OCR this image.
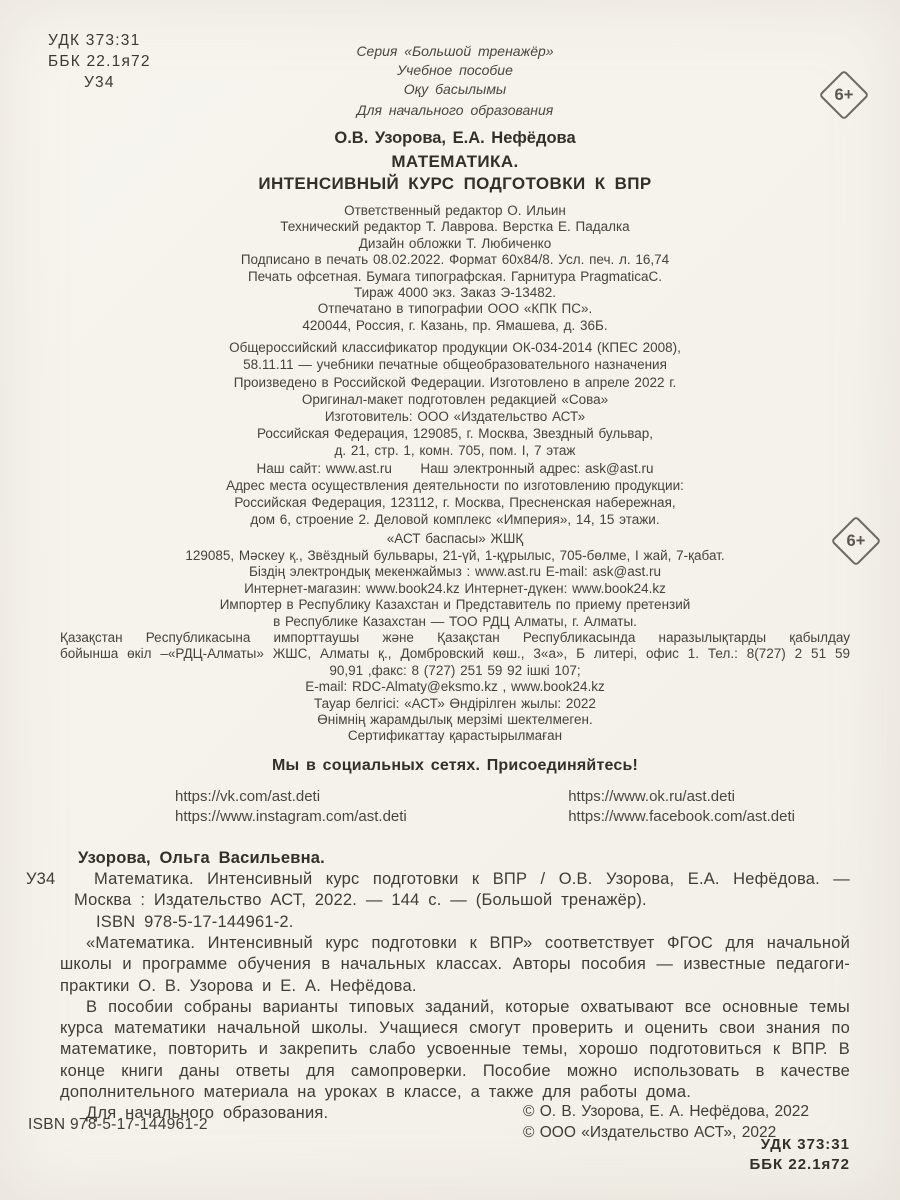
УДК 373:31
ББК 22.1я72
У34
6+
6+
Серия «Большой тренажёр»
Учебное пособие
Оқу басылымы
Для начального образования
О.В. Узорова, Е.А. Нефёдова
МАТЕМАТИКА.
ИНТЕНСИВНЫЙ КУРС ПОДГОТОВКИ К ВПР
Ответственный редактор О. Ильин
Технический редактор Т. Лаврова. Верстка Е. Падалка
Дизайн обложки Т. Любиченко
Подписано в печать 08.02.2022. Формат 60х84/8. Усл. печ. л. 16,74
Печать офсетная. Бумага типографская. Гарнитура PragmaticaC.
Тираж 4000 экз. Заказ Э-13482.
Отпечатано в типографии ООО «КПК ПС».
420044, Россия, г. Казань, пр. Ямашева, д. 36Б.
Общероссийский классификатор продукции ОК-034-2014 (КПЕС 2008),
58.11.11 — учебники печатные общеобразовательного назначения
Произведено в Российской Федерации. Изготовлено в апреле 2022 г.
Оригинал-макет подготовлен редакцией «Сова»
Изготовитель: ООО «Издательство АСТ»
Российская Федерация, 129085, г. Москва, Звездный бульвар,
д. 21, стр. 1, комн. 705, пом. I, 7 этаж
Наш сайт: www.ast.ru      Наш электронный адрес: ask@ast.ru
Адрес места осуществления деятельности по изготовлению продукции:
Российская Федерация, 123112, г. Москва, Пресненская набережная,
дом 6, строение 2. Деловой комплекс «Империя», 14, 15 этажи.
«АСТ баспасы» ЖШҚ
129085, Мәскеу қ., Звёздный бульвары, 21-үй, 1-құрылыс, 705-бөлме, I жай, 7-қабат.
Біздің электрондық мекенжаймыз : www.ast.ru E-mail: ask@ast.ru
Интернет-магазин: www.book24.kz Интернет-дүкен: www.book24.kz
Импортер в Республику Казахстан и Представитель по приему претензий
в Республике Казахстан — ТОО РДЦ Алматы, г. Алматы.
Қазақстан Республикасына импорттаушы және Қазақстан Республикасында наразылықтарды қабылдау
бойынша өкіл –«РДЦ-Алматы» ЖШС, Алматы қ., Домбровский көш., 3«а», Б литері, офис 1. Тел.: 8(727) 2 51 59
90,91 ,факс: 8 (727) 251 59 92 ішкі 107;
E-mail: RDC-Almaty@eksmo.kz , www.book24.kz
Тауар белгісі: «АСТ» Өндірілген жылы: 2022
Өнімнің жарамдылық мерзімі шектелмеген.
Сертификаттау қарастырылмаған
Мы в социальных сетях. Присоединяйтесь!
https://vk.com/ast.deti
https://www.instagram.com/ast.deti
https://www.ok.ru/ast.deti
https://www.facebook.com/ast.deti
Узорова, Ольга Васильевна.
У34	Математика. Интенсивный курс подготовки к ВПР / О.В. Узорова, Е.А. Нефёдова. — Москва : Издательство АСТ, 2022. — 144 с. — (Большой тренажёр).
ISBN 978-5-17-144961-2.

«Математика. Интенсивный курс подготовки к ВПР» соответствует ФГОС для начальной школы и программе обучения в начальных классах. Авторы пособия — известные педагоги-практики О. В. Узорова и Е. А. Нефёдова.

В пособии собраны варианты типовых заданий, которые охватывают все основные темы курса математики начальной школы. Учащиеся смогут проверить и оценить свои знания по математике, повторить и закрепить слабо усвоенные темы, хорошо подготовиться к ВПР. В конце книги даны ответы для самопроверки. Пособие можно использовать в качестве дополнительного материала на уроках в классе, а также для работы дома.

Для начального образования.

УДК 373:31
ББК 22.1я72
ISBN 978-5-17-144961-2
© О. В. Узорова, Е. А. Нефёдова, 2022
© ООО «Издательство АСТ», 2022
